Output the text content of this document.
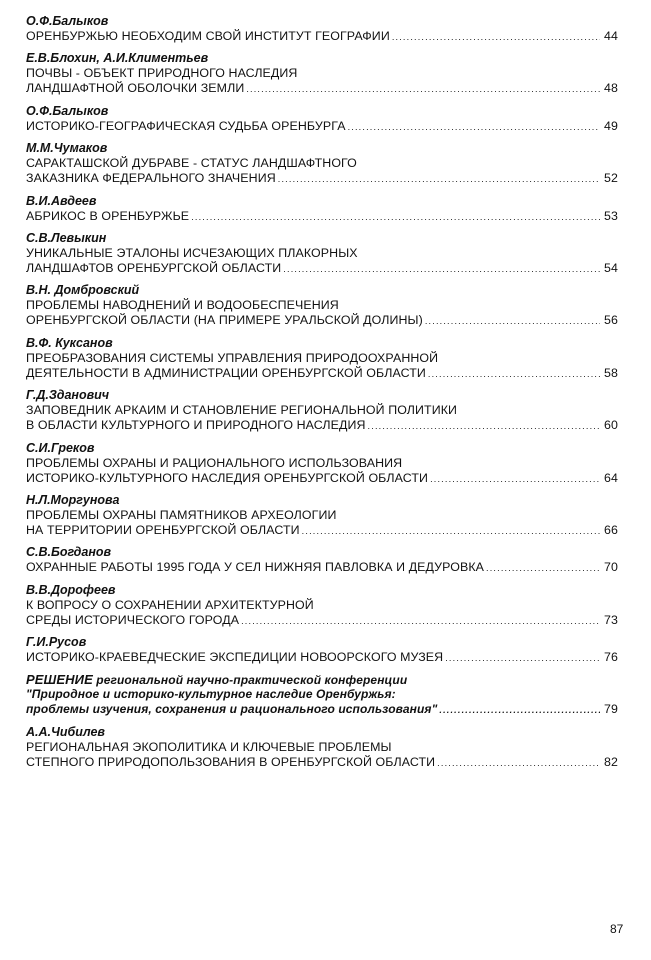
О.Ф.Балыков
ОРЕНБУРЖЬЮ НЕОБХОДИМ СВОЙ ИНСТИТУТ ГЕОГРАФИИ .....	44
Е.В.Блохин, А.И.Климентьев
ПОЧВЫ - ОБЪЕКТ ПРИРОДНОГО НАСЛЕДИЯ
ЛАНДШАФТНОЙ ОБОЛОЧКИ ЗЕМЛИ .....	48
О.Ф.Балыков
ИСТОРИКО-ГЕОГРАФИЧЕСКАЯ СУДЬБА ОРЕНБУРГА .....	49
М.М.Чумаков
САРАКТАШСКОЙ ДУБРАВЕ - СТАТУС ЛАНДШАФТНОГО
ЗАКАЗНИКА ФЕДЕРАЛЬНОГО ЗНАЧЕНИЯ .....	52
В.И.Авдеев
АБРИКОС В ОРЕНБУРЖЬЕ .....	53
С.В.Левыкин
УНИКАЛЬНЫЕ ЭТАЛОНЫ ИСЧЕЗАЮЩИХ ПЛАКОРНЫХ
ЛАНДШАФТОВ ОРЕНБУРГСКОЙ ОБЛАСТИ .....	54
В.Н. Домбровский
ПРОБЛЕМЫ НАВОДНЕНИЙ И ВОДООБЕСПЕЧЕНИЯ
ОРЕНБУРГСКОЙ ОБЛАСТИ (НА ПРИМЕРЕ УРАЛЬСКОЙ ДОЛИНЫ) .....	56
В.Ф. Куксанов
ПРЕОБРАЗОВАНИЯ СИСТЕМЫ УПРАВЛЕНИЯ ПРИРОДООХРАННОЙ
ДЕЯТЕЛЬНОСТИ В АДМИНИСТРАЦИИ ОРЕНБУРГСКОЙ ОБЛАСТИ .....	58
Г.Д.Зданович
ЗАПОВЕДНИК АРКАИМ И СТАНОВЛЕНИЕ РЕГИОНАЛЬНОЙ ПОЛИТИКИ
В ОБЛАСТИ КУЛЬТУРНОГО И ПРИРОДНОГО НАСЛЕДИЯ .....	60
С.И.Греков
ПРОБЛЕМЫ ОХРАНЫ И РАЦИОНАЛЬНОГО ИСПОЛЬЗОВАНИЯ
ИСТОРИКО-КУЛЬТУРНОГО НАСЛЕДИЯ ОРЕНБУРГСКОЙ ОБЛАСТИ .....	64
Н.Л.Моргунова
ПРОБЛЕМЫ ОХРАНЫ ПАМЯТНИКОВ АРХЕОЛОГИИ
НА ТЕРРИТОРИИ ОРЕНБУРГСКОЙ ОБЛАСТИ .....	66
С.В.Богданов
ОХРАННЫЕ РАБОТЫ 1995 ГОДА У СЕЛ НИЖНЯЯ ПАВЛОВКА И ДЕДУРОВКА .....	70
В.В.Дорофеев
К ВОПРОСУ О СОХРАНЕНИИ АРХИТЕКТУРНОЙ
СРЕДЫ ИСТОРИЧЕСКОГО ГОРОДА .....	73
Г.И.Русов
ИСТОРИКО-КРАЕВЕДЧЕСКИЕ ЭКСПЕДИЦИИ НОВООРСКОГО МУЗЕЯ .....	76
РЕШЕНИЕ региональной научно-практической конференции
"Природное и историко-культурное наследие Оренбуржья:
проблемы изучения, сохранения и рационального использования" .....	79
А.А.Чибилев
РЕГИОНАЛЬНАЯ ЭКОПОЛИТИКА И КЛЮЧЕВЫЕ ПРОБЛЕМЫ
СТЕПНОГО ПРИРОДОПОЛЬЗОВАНИЯ В ОРЕНБУРГСКОЙ ОБЛАСТИ .....	82
87
